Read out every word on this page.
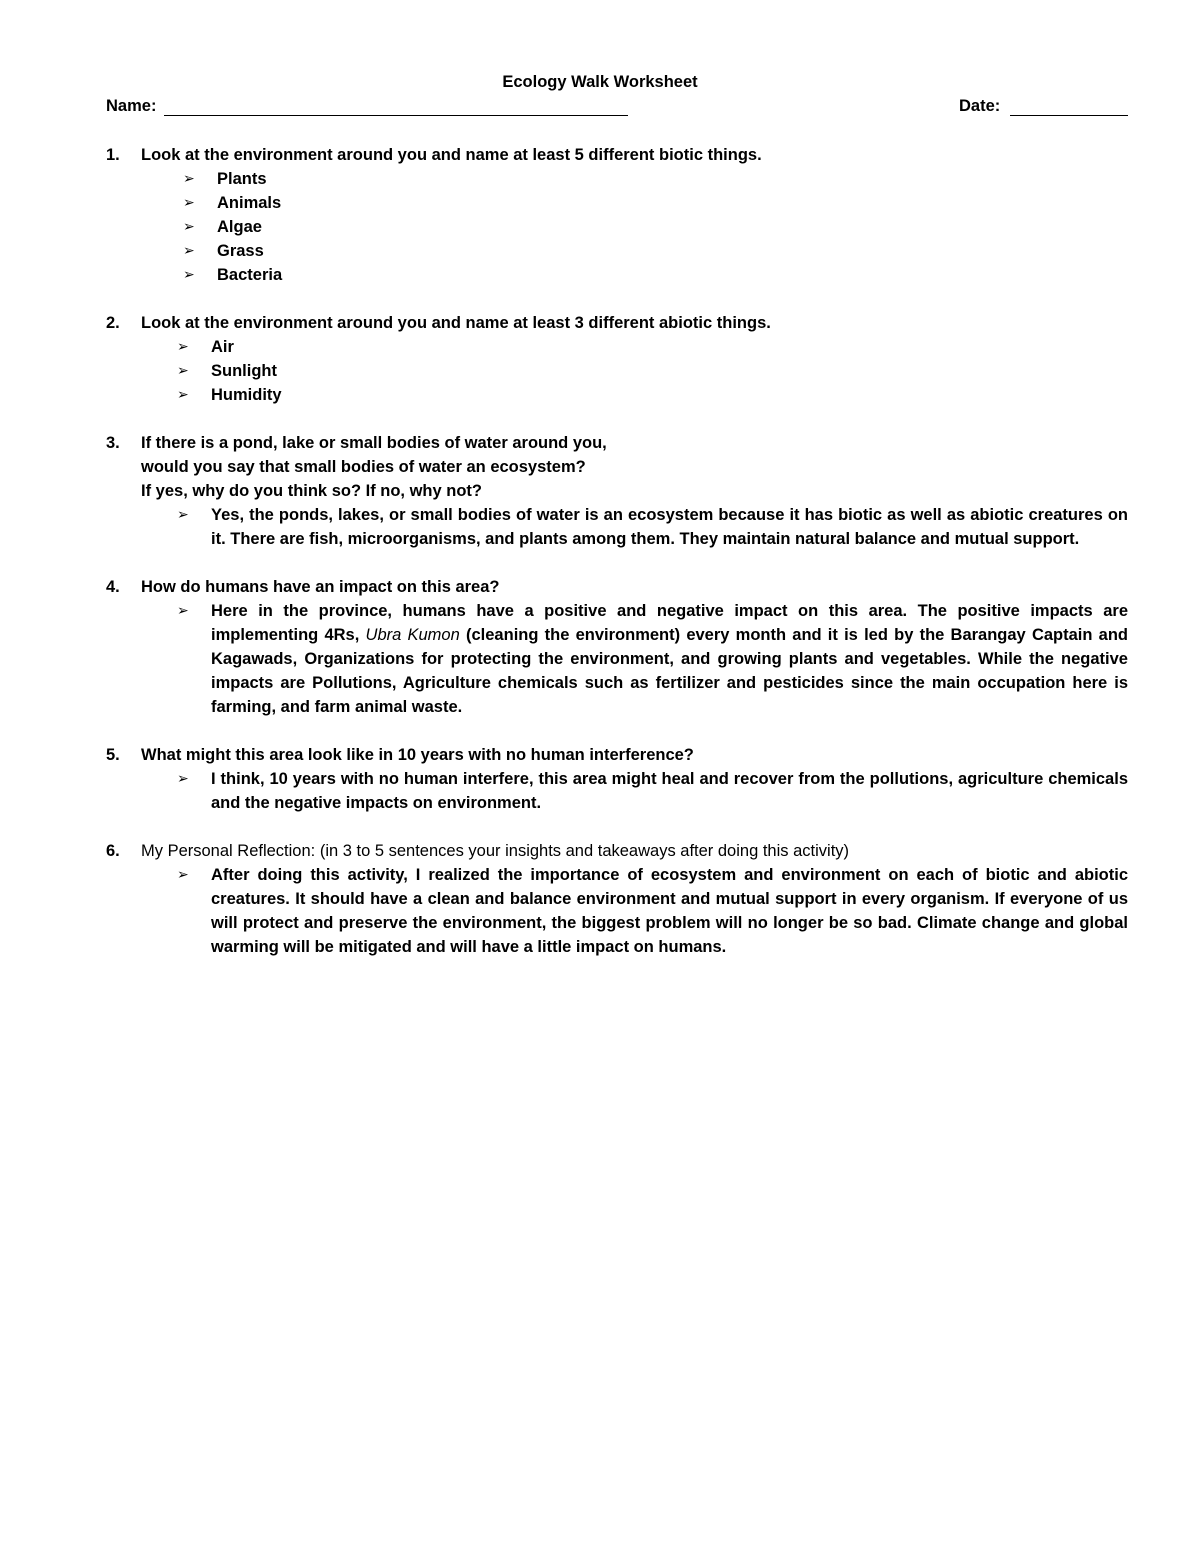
Ecology Walk Worksheet
Name:	Date:
1. Look at the environment around you and name at least 5 different biotic things.
➢ Plants
➢ Animals
➢ Algae
➢ Grass
➢ Bacteria
2. Look at the environment around you and name at least 3 different abiotic things.
➢ Air
➢ Sunlight
➢ Humidity
3. If there is a pond, lake or small bodies of water around you,
would you say that small bodies of water an ecosystem?
If yes, why do you think so? If no, why not?
➢ Yes, the ponds, lakes, or small bodies of water is an ecosystem because it has biotic as well as abiotic creatures on it. There are fish, microorganisms, and plants among them. They maintain natural balance and mutual support.
4. How do humans have an impact on this area?
➢ Here in the province, humans have a positive and negative impact on this area. The positive impacts are implementing 4Rs, Ubra Kumon (cleaning the environment) every month and it is led by the Barangay Captain and Kagawads, Organizations for protecting the environment, and growing plants and vegetables. While the negative impacts are Pollutions, Agriculture chemicals such as fertilizer and pesticides since the main occupation here is farming, and farm animal waste.
5. What might this area look like in 10 years with no human interference?
➢ I think, 10 years with no human interfere, this area might heal and recover from the pollutions, agriculture chemicals and the negative impacts on environment.
6. My Personal Reflection: (in 3 to 5 sentences your insights and takeaways after doing this activity)
➢ After doing this activity, I realized the importance of ecosystem and environment on each of biotic and abiotic creatures. It should have a clean and balance environment and mutual support in every organism. If everyone of us will protect and preserve the environment, the biggest problem will no longer be so bad. Climate change and global warming will be mitigated and will have a little impact on humans.
